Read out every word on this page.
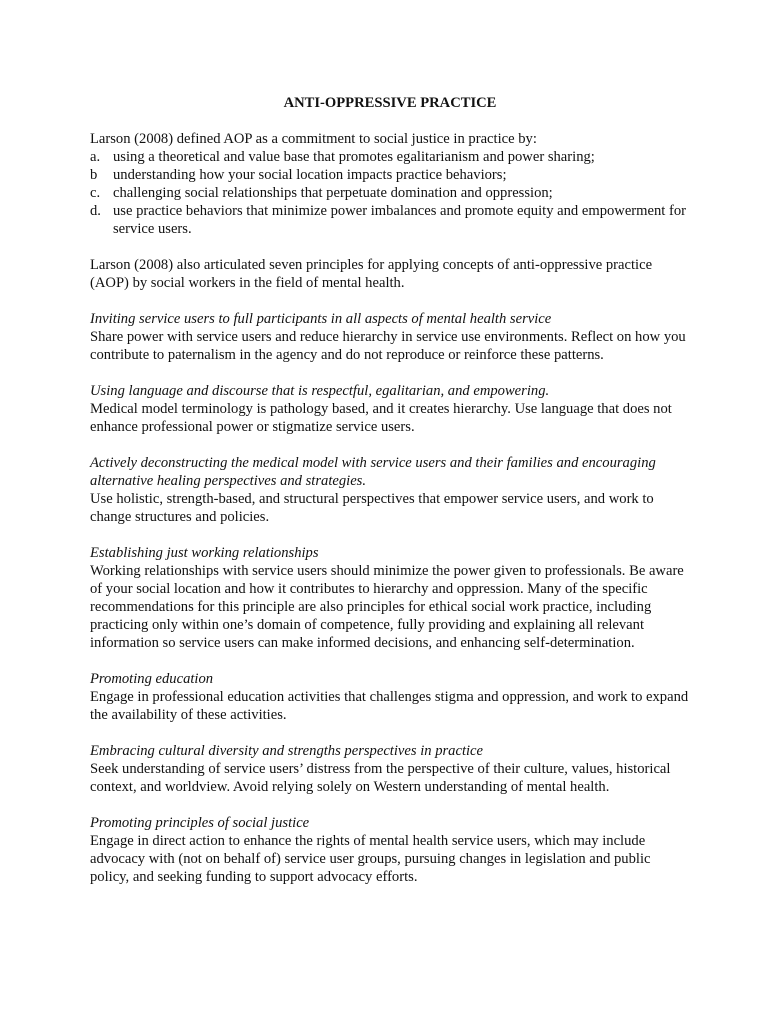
ANTI-OPPRESSIVE PRACTICE

Larson (2008) defined AOP as a commitment to social justice in practice by:

a. using a theoretical and value base that promotes egalitarianism and power sharing;
b	understanding how your social location impacts practice behaviors;
c. challenging social relationships that perpetuate domination and oppression;
d. use practice behaviors that minimize power imbalances and promote equity and empowerment for service users.

Larson (2008) also articulated seven principles for applying concepts of anti-oppressive practice (AOP) by social workers in the field of mental health.

Inviting service users to full participants in all aspects of mental health service

Share power with service users and reduce hierarchy in service use environments. Reflect on how you contribute to paternalism in the agency and do not reproduce or reinforce these patterns.

Using language and discourse that is respectful, egalitarian, and empowering.

Medical model terminology is pathology based, and it creates hierarchy. Use language that does not enhance professional power or stigmatize service users.

Actively deconstructing the medical model with service users and their families and encouraging alternative healing perspectives and strategies.

Use holistic, strength-based, and structural perspectives that empower service users, and work to change structures and policies.

Establishing just working relationships

Working relationships with service users should minimize the power given to professionals. Be aware of your social location and how it contributes to hierarchy and oppression. Many of the specific recommendations for this principle are also principles for ethical social work practice, including practicing only within one’s domain of competence, fully providing and explaining all relevant information so service users can make informed decisions, and enhancing self-determination.

Promoting education

Engage in professional education activities that challenges stigma and oppression, and work to expand the availability of these activities.

Embracing cultural diversity and strengths perspectives in practice

Seek understanding of service users’ distress from the perspective of their culture, values, historical context, and worldview. Avoid relying solely on Western understanding of mental health.

Promoting principles of social justice

Engage in direct action to enhance the rights of mental health service users, which may include advocacy with (not on behalf of) service user groups, pursuing changes in legislation and public policy, and seeking funding to support advocacy efforts.
